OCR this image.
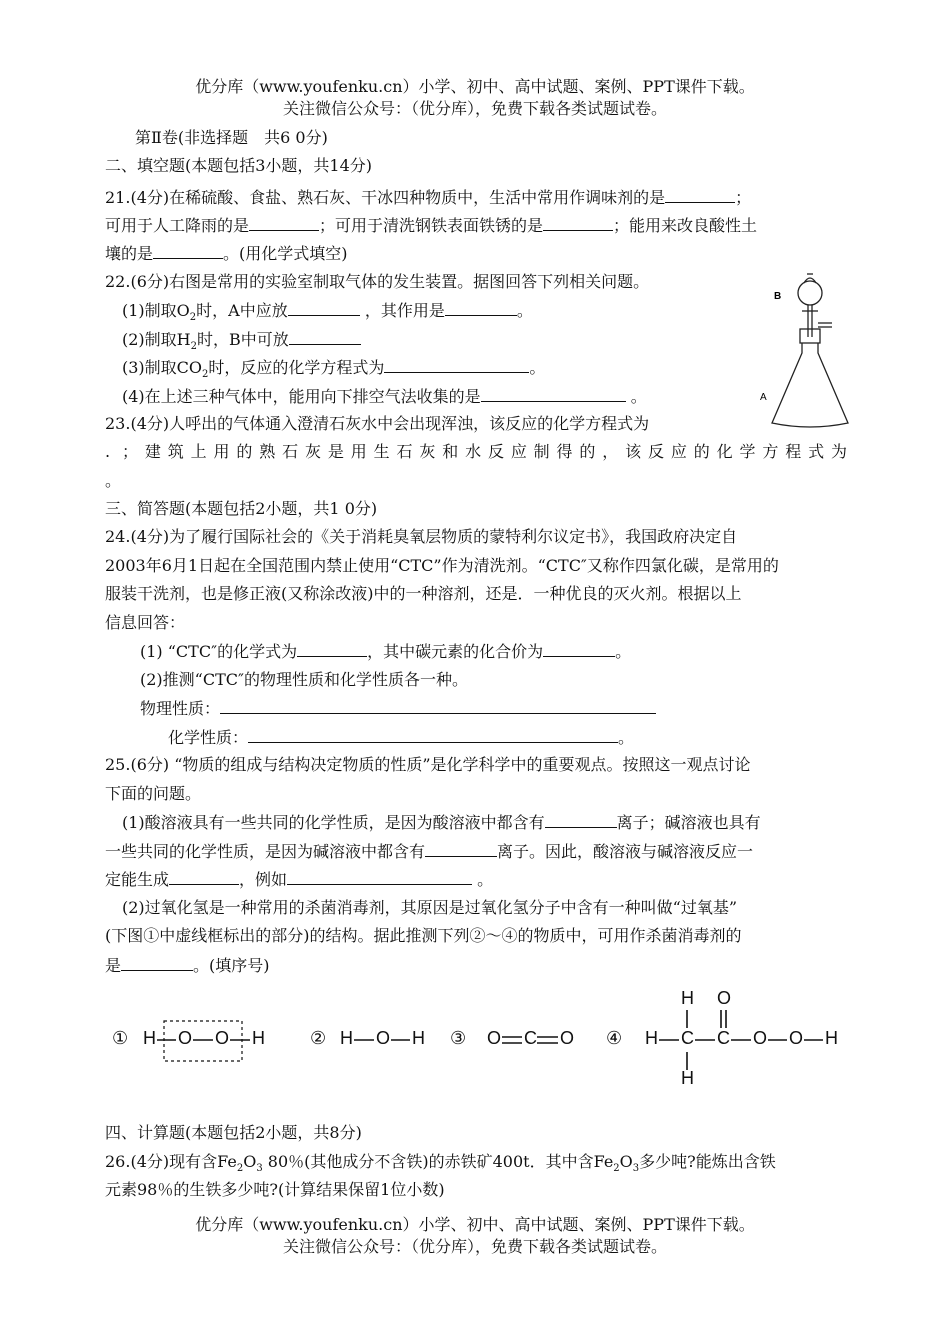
优分库（www.youfenku.cn）小学、初中、高中试题、案例、PPT课件下载。
关注微信公众号：（优分库），免费下载各类试题试卷。
第Ⅱ卷(非选择题　共6 0分)
二、填空题(本题包括3小题，共14分)
21.(4分)在稀硫酸、食盐、熟石灰、干冰四种物质中，生活中常用作调味剂的是	；
可用于人工降雨的是	；可用于清洗钢铁表面铁锈的是	；能用来改良酸性土
壤的是	。(用化学式填空)
22.(6分)右图是常用的实验室制取气体的发生装置。据图回答下列相关问题。
(1)制取$O_2$时，A中应放	，其作用是	。
(2)制取$H_2$时，B中可放
(3)制取$CO_2$时，反应的化学方程式为	。
(4)在上述三种气体中，能用向下排空气法收集的是	。
B
A
23.(4分)人呼出的气体通入澄清石灰水中会出现浑浊，该反应的化学方程式为
. ；建筑上用的熟石灰是用生石灰和水反应制得的，该反应的化学方程式为
。
三、简答题(本题包括2小题，共1 0分)
24.(4分)为了履行国际社会的《关于消耗臭氧层物质的蒙特利尔议定书》，我国政府决定自
2003年6月1日起在全国范围内禁止使用“CTC”作为清洗剂。“CTC″又称作四氯化碳，是常用的
服装干洗剂，也是修正液(又称涂改液)中的一种溶剂，还是．一种优良的灭火剂。根据以上
信息回答：
(1) “CTC″的化学式为	，其中碳元素的化合价为	。
(2)推测“CTC″的物理性质和化学性质各一种。
物理性质：
化学性质：	。
25.(6分) “物质的组成与结构决定物质的性质”是化学科学中的重要观点。按照这一观点讨论
下面的问题。
(1)酸溶液具有一些共同的化学性质，是因为酸溶液中都含有	离子；碱溶液也具有
一些共同的化学性质，是因为碱溶液中都含有	离子。因此，酸溶液与碱溶液反应一
定能生成	，例如	。
(2)过氧化氢是一种常用的杀菌消毒剂，其原因是过氧化氢分子中含有一种叫做“过氧基”
(下图①中虚线框标出的部分)的结构。据此推测下列②～④的物质中，可用作杀菌消毒剂的
是	。(填序号)
① H O O H	② H O H ③ O C O ④ H C C O O H
H O
H
四、计算题(本题包括2小题，共8分)
26.(4分)现有含$Fe_2O_3$ 80％(其他成分不含铁)的赤铁矿400t．其中含$Fe_2O_3$多少吨?能炼出含铁
元素98％的生铁多少吨?(计算结果保留1位小数)
优分库（www.youfenku.cn）小学、初中、高中试题、案例、PPT课件下载。
关注微信公众号：（优分库），免费下载各类试题试卷。
